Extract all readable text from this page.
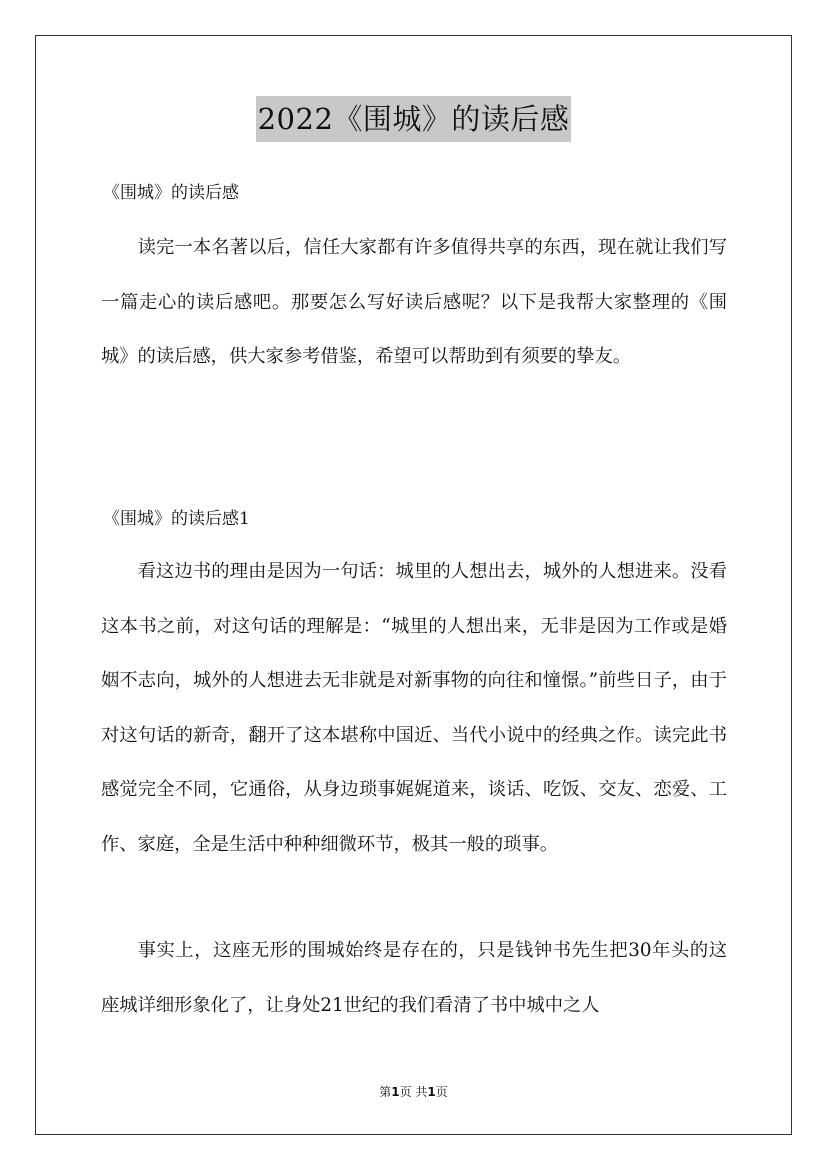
2022《围城》的读后感
《围城》的读后感

读完一本名著以后，信任大家都有许多值得共享的东西，现在就让我们写一篇走心的读后感吧。那要怎么写好读后感呢？以下是我帮大家整理的《围城》的读后感，供大家参考借鉴，希望可以帮助到有须要的挚友。

《围城》的读后感1

看这边书的理由是因为一句话：城里的人想出去，城外的人想进来。没看这本书之前，对这句话的理解是：“城里的人想出来，无非是因为工作或是婚姻不志向，城外的人想进去无非就是对新事物的向往和憧憬。”前些日子，由于对这句话的新奇，翻开了这本堪称中国近、当代小说中的经典之作。读完此书感觉完全不同，它通俗，从身边琐事娓娓道来，谈话、吃饭、交友、恋爱、工作、家庭，全是生活中种种细微环节，极其一般的琐事。

事实上，这座无形的围城始终是存在的，只是钱钟书先生把30年头的这座城详细形象化了，让身处21世纪的我们看清了书中城中之人

第1页 共1页
